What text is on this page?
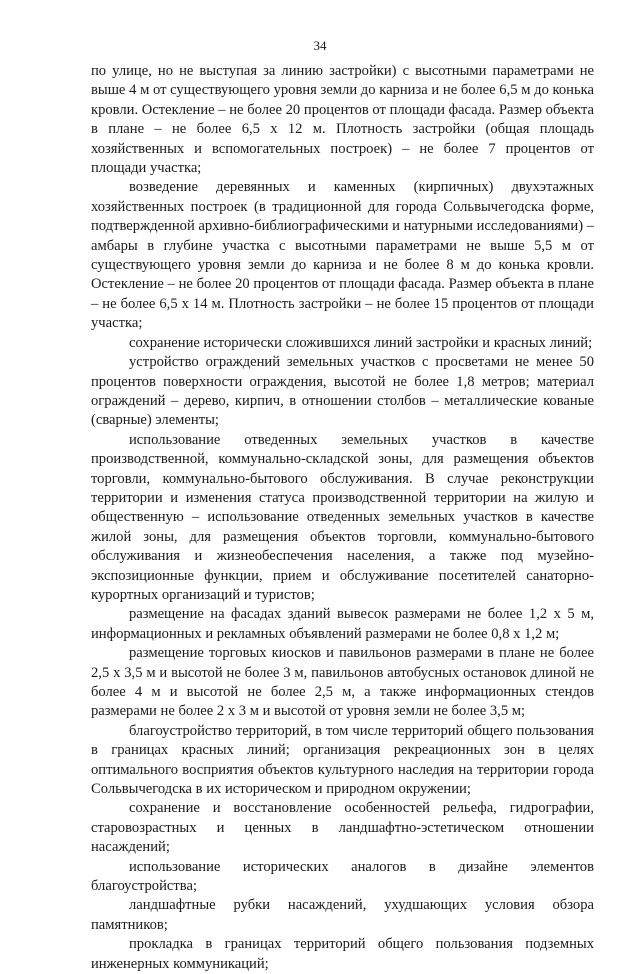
34

по улице, но не выступая за линию застройки) с высотными параметрами не выше 4 м от существующего уровня земли до карниза и не более 6,5 м до конька кровли. Остекление – не более 20 процентов от площади фасада. Размер объекта в плане – не более 6,5 х 12 м. Плотность застройки (общая площадь хозяйственных и вспомогательных построек) – не более 7 процентов от площади участка;

возведение деревянных и каменных (кирпичных) двухэтажных хозяйственных построек (в традиционной для города Сольвычегодска форме, подтвержденной архивно-библиографическими и натурными исследованиями) – амбары в глубине участка с высотными параметрами не выше 5,5 м от существующего уровня земли до карниза и не более 8 м до конька кровли. Остекление – не более 20 процентов от площади фасада. Размер объекта в плане – не более 6,5 х 14 м. Плотность застройки – не более 15 процентов от площади участка;

сохранение исторически сложившихся линий застройки и красных линий;

устройство ограждений земельных участков с просветами не менее 50 процентов поверхности ограждения, высотой не более 1,8 метров; материал ограждений – дерево, кирпич, в отношении столбов – металлические кованые (сварные) элементы;

использование отведенных земельных участков в качестве производственной, коммунально-складской зоны, для размещения объектов торговли, коммунально-бытового обслуживания. В случае реконструкции территории и изменения статуса производственной территории на жилую и общественную – использование отведенных земельных участков в качестве жилой зоны, для размещения объектов торговли, коммунально-бытового обслуживания и жизнеобеспечения населения, а также под музейно-экспозиционные функции, прием и обслуживание посетителей санаторно-курортных организаций и туристов;

размещение на фасадах зданий вывесок размерами не более 1,2 х 5 м, информационных и рекламных объявлений размерами не более 0,8 х 1,2 м;

размещение торговых киосков и павильонов размерами в плане не более 2,5 х 3,5 м и высотой не более 3 м, павильонов автобусных остановок длиной не более 4 м и высотой не более 2,5 м, а также информационных стендов размерами не более 2 х 3 м и высотой от уровня земли не более 3,5 м;

благоустройство территорий, в том числе территорий общего пользования в границах красных линий; организация рекреационных зон в целях оптимального восприятия объектов культурного наследия на территории города Сольвычегодска в их историческом и природном окружении;

сохранение и восстановление особенностей рельефа, гидрографии, старовозрастных и ценных в ландшафтно-эстетическом отношении насаждений;

использование исторических аналогов в дизайне элементов благоустройства;

ландшафтные рубки насаждений, ухудшающих условия обзора памятников;

прокладка в границах территорий общего пользования подземных инженерных коммуникаций;
